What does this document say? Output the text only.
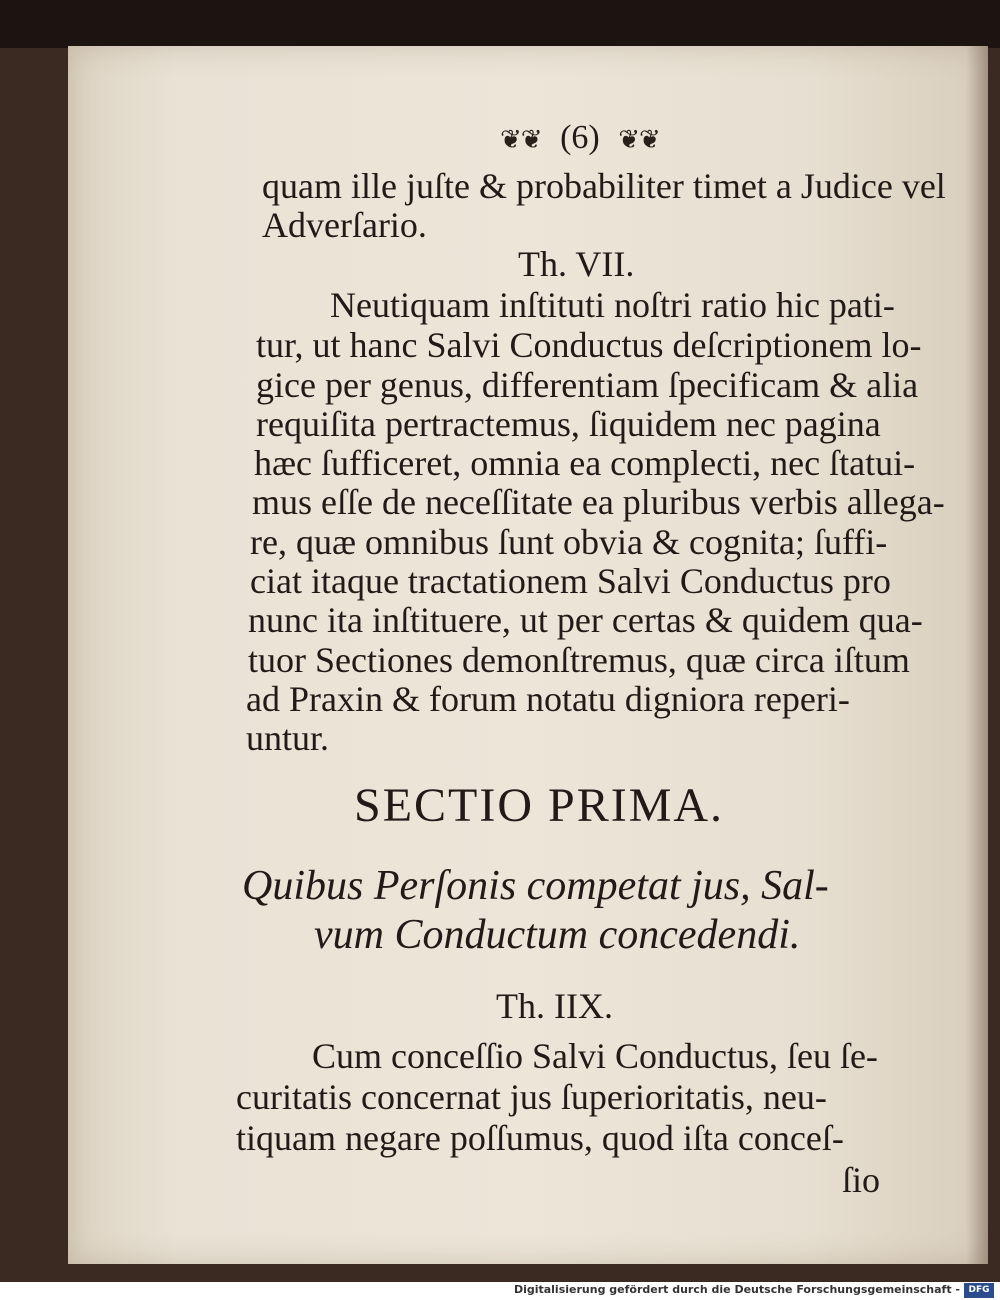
❦❦ (6) ❦❦
quam ille juſte & probabiliter timet a Judice vel
Adverſario.
Th. VII.
Neutiquam inſtituti noſtri ratio hic pati-
tur, ut hanc Salvi Conductus deſcriptionem lo-
gice per genus, differentiam ſpecificam & alia
requiſita pertractemus, ſiquidem nec pagina
hæc ſufficeret, omnia ea complecti, nec ſtatui-
mus eſſe de neceſſitate ea pluribus verbis allega-
re, quæ omnibus ſunt obvia & cognita; ſuffi-
ciat itaque tractationem Salvi Conductus pro
nunc ita inſtituere, ut per certas & quidem qua-
tuor Sectiones demonſtremus, quæ circa iſtum
ad Praxin & forum notatu digniora reperi-
untur.
SECTIO PRIMA.
Quibus Perſonis competat jus, Sal-
vum Conductum concedendi.
Th. IIX.
Cum conceſſio Salvi Conductus, ſeu ſe-
curitatis concernat jus ſuperioritatis, neu-
tiquam negare poſſumus, quod iſta conceſ-
ſio
Digitalisierung gefördert durch die Deutsche Forschungsgemeinschaft - DFG
